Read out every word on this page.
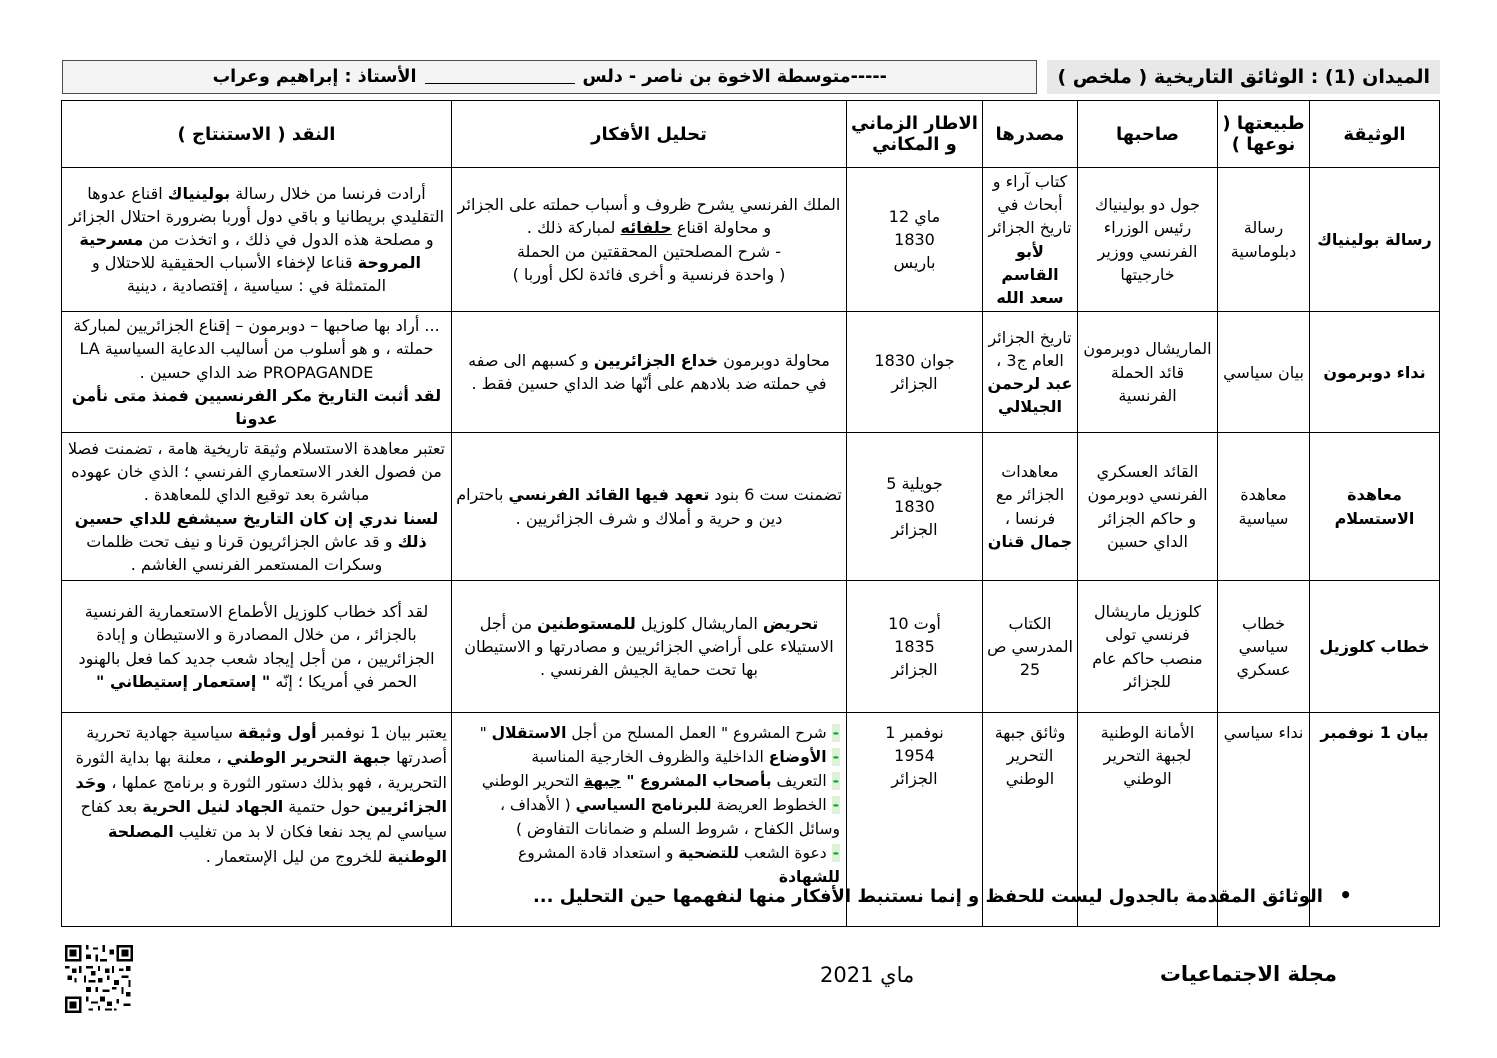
الميدان (1) : الوثائق التاريخية ( ملخص )
-----متوسطة الاخوة بن ناصر - دلس
الأستاذ : إبراهيم وعراب
الوثيقة	طبيعتها ( نوعها )	صاحبها	مصدرها	الاطار الزماني و المكاني	تحليل الأفكار	النقد ( الاستنتاج )
رسالة بولينياك	رسالة دبلوماسية	جول دو بولينياك رئيس الوزراء الفرنسي ووزير خارجيتها	كتاب آراء و أبحاث في تاريخ الجزائر لأبو القاسم سعد الله	12 ماي
1830
باريس	الملك الفرنسي يشرح ظروف و أسباب حملته على الجزائر و محاولة اقناع حلفائه لمباركة ذلك .
- شرح المصلحتين المحققتين من الحملة
( واحدة فرنسية و أخرى فائدة لكل أوربا )	أرادت فرنسا من خلال رسالة بولينياك اقناع عدوها التقليدي بريطانيا و باقي دول أوربا بضرورة احتلال الجزائر و مصلحة هذه الدول في ذلك ، و اتخذت من مسرحية المروحة قناعا لإخفاء الأسباب الحقيقية للاحتلال و المتمثلة في : سياسية ، إقتصادية ، دينية
نداء دوبرمون	بيان سياسي	الماريشال دوبرمون قائد الحملة الفرنسية	تاريخ الجزائر العام ج3 ، عبد لرحمن الجيلالي	جوان 1830
الجزائر	محاولة دوبرمون خداع الجزائريين و كسبهم الى صفه في حملته ضد بلادهم على أنّها ضد الداي حسين فقط .	... أراد بها صاحبها – دوبرمون – إقناع الجزائريين لمباركة حملته ، و هو أسلوب من أساليب الدعاية السياسية LA PROPAGANDE ضد الداي حسين .
لقد أثبت التاريخ مكر الفرنسيين فمنذ متى نأمن عدونا
معاهدة الاستسلام	معاهدة سياسية	القائد العسكري الفرنسي دوبرمون و حاكم الجزائر الداي حسين	معاهدات الجزائر مع فرنسا ، جمال قنان	5 جويلية
1830
الجزائر	تضمنت ست 6 بنود تعهد فيها القائد الفرنسي باحترام دين و حرية و أملاك و شرف الجزائريين .	تعتبر معاهدة الاستسلام وثيقة تاريخية هامة ، تضمنت فصلا من فصول الغدر الاستعماري الفرنسي ؛ الذي خان عهوده مباشرة بعد توقيع الداي للمعاهدة .
لسنا ندري إن كان التاريخ سيشفع للداي حسين ذلك و قد عاش الجزائريون قرنا و نيف تحت ظلمات وسكرات المستعمر الفرنسي الغاشم .
خطاب كلوزيل	خطاب سياسي عسكري	كلوزيل ماريشال فرنسي تولى منصب حاكم عام للجزائر	الكتاب المدرسي ص 25	10 أوت
1835
الجزائر	تحريض الماريشال كلوزيل للمستوطنين من أجل الاستيلاء على أراضي الجزائريين و مصادرتها و الاستيطان بها تحت حماية الجيش الفرنسي .	لقد أكد خطاب كلوزيل الأطماع الاستعمارية الفرنسية بالجزائر ، من خلال المصادرة و الاستيطان و إبادة الجزائريين ، من أجل إيجاد شعب جديد كما فعل بالهنود الحمر في أمريكا ؛ إنّه " إستعمار إستيطاني "
بيان 1 نوفمبر	نداء سياسي	الأمانة الوطنية لجبهة التحرير الوطني	وثائق جبهة التحرير الوطني	1 نوفمبر
1954
الجزائر	- شرح المشروع " العمل المسلح من أجل الاستقلال "
- الأوضاع الداخلية والظروف الخارجية المناسبة
- التعريف بأصحاب المشروع " جبهة التحرير الوطني
- الخطوط العريضة للبرنامج السياسي ( الأهداف ، وسائل الكفاح ، شروط السلم و ضمانات التفاوض )
- دعوة الشعب للتضحية و استعداد قادة المشروع للشهادة	يعتبر بيان 1 نوفمبر أول وثيقة سياسية جهادية تحررية أصدرتها جبهة التحرير الوطني ، معلنة بها بداية الثورة التحريرية ، فهو بذلك دستور الثورة و برنامج عملها ، وحَد الجزائريين حول حتمية الجهاد لنيل الحرية بعد كفاح سياسي لم يجد نفعا فكان لا بد من تغليب المصلحة الوطنية للخروج من ليل الإستعمار .
• الوثائق المقدمة بالجدول ليست للحفظ و إنما نستنبط الأفكار منها لنفهمها حين التحليل ...
مجلة الاجتماعيات
ماي 2021
